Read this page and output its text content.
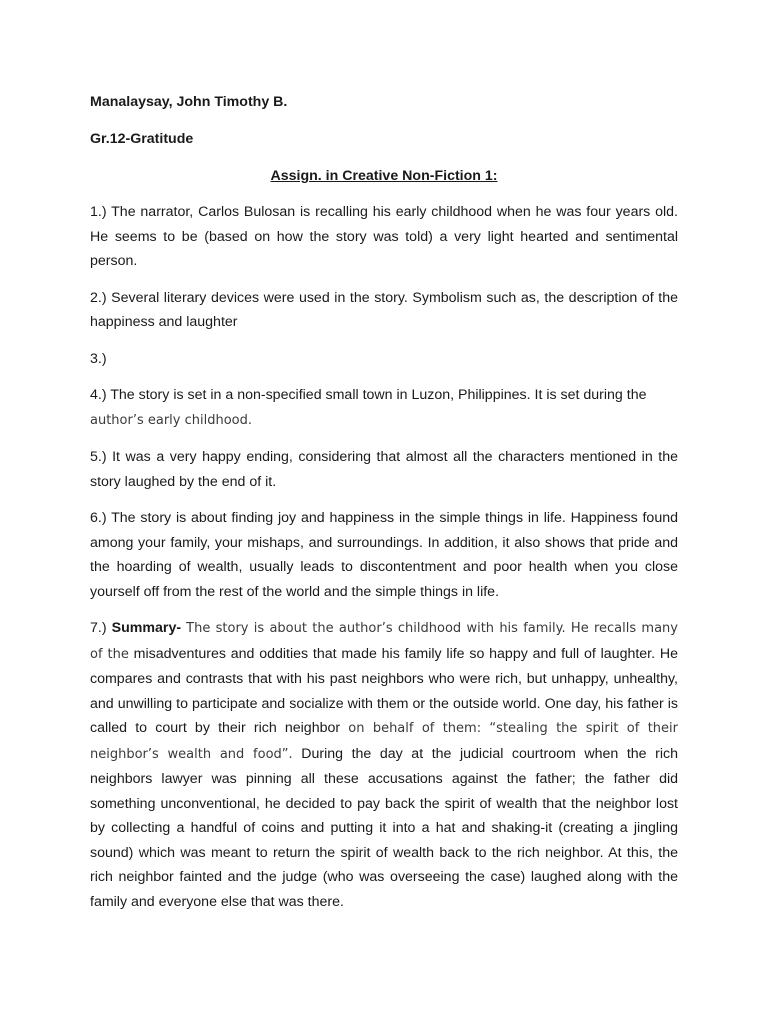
Manalaysay, John Timothy B.

Gr.12-Gratitude

Assign. in Creative Non-Fiction 1:

1.) The narrator, Carlos Bulosan is recalling his early childhood when he was four years old. He seems to be (based on how the story was told) a very light hearted and sentimental person.

2.) Several literary devices were used in the story. Symbolism such as, the description of the happiness and laughter

3.)

4.) The story is set in a non-specified small town in Luzon, Philippines. It is set during the
author’s early childhood.

5.) It was a very happy ending, considering that almost all the characters mentioned in the story laughed by the end of it.

6.) The story is about finding joy and happiness in the simple things in life. Happiness found among your family, your mishaps, and surroundings. In addition, it also shows that pride and the hoarding of wealth, usually leads to discontentment and poor health when you close yourself off from the rest of the world and the simple things in life.

7.) Summary- The story is about the author’s childhood with his family. He recalls many of the misadventures and oddities that made his family life so happy and full of laughter. He compares and contrasts that with his past neighbors who were rich, but unhappy, unhealthy, and unwilling to participate and socialize with them or the outside world. One day, his father is called to court by their rich neighbor on behalf of them: “stealing the spirit of their neighbor’s wealth and food”. During the day at the judicial courtroom when the rich neighbors lawyer was pinning all these accusations against the father; the father did something unconventional, he decided to pay back the spirit of wealth that the neighbor lost by collecting a handful of coins and putting it into a hat and shaking-it (creating a jingling sound) which was meant to return the spirit of wealth back to the rich neighbor. At this, the rich neighbor fainted and the judge (who was overseeing the case) laughed along with the family and everyone else that was there.
